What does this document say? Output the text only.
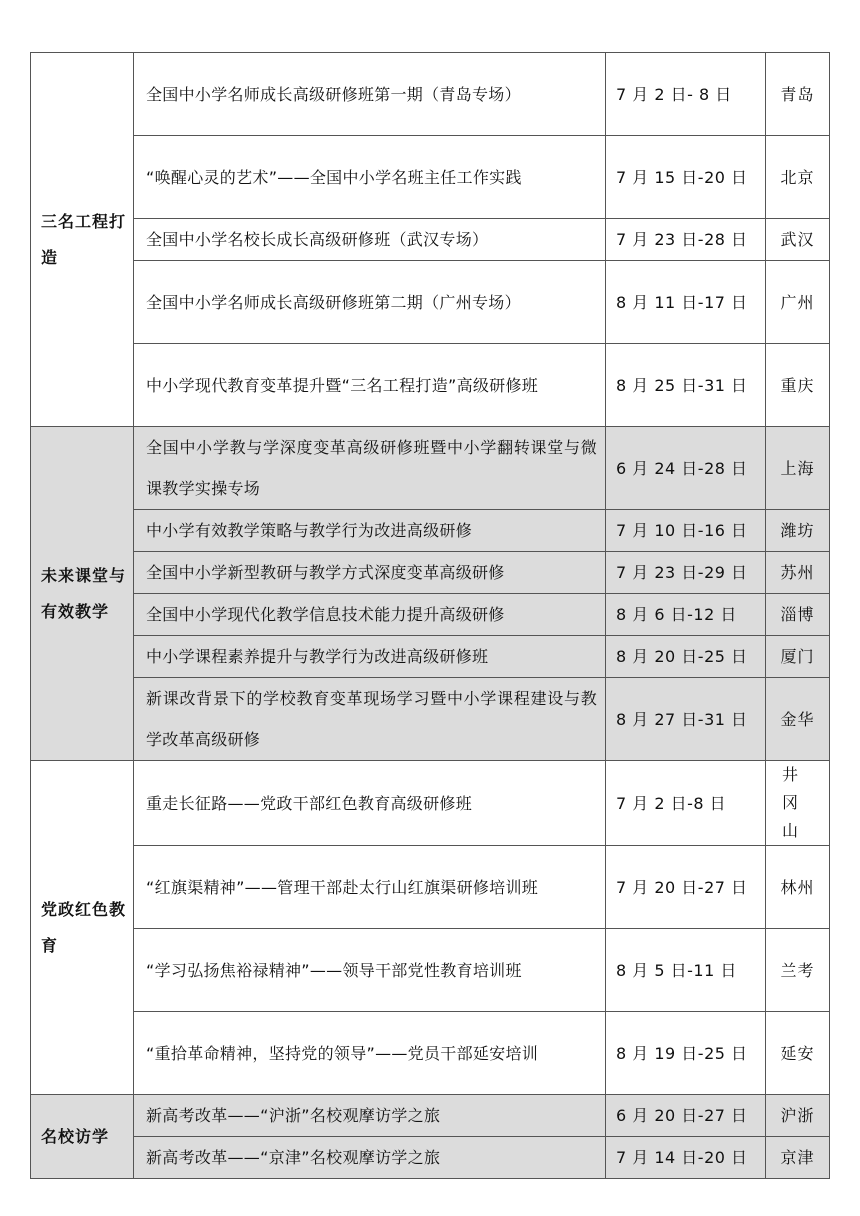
三名工程打造	全国中小学名师成长高级研修班第一期（青岛专场）	7 月 2 日- 8 日	青岛
	“唤醒心灵的艺术”——全国中小学名班主任工作实践	7 月 15 日-20 日	北京
	全国中小学名校长成长高级研修班（武汉专场）	7 月 23 日-28 日	武汉
	全国中小学名师成长高级研修班第二期（广州专场）	8 月 11 日-17 日	广州
	中小学现代教育变革提升暨“三名工程打造”高级研修班	8 月 25 日-31 日	重庆
未来课堂与有效教学	全国中小学教与学深度变革高级研修班暨中小学翻转课堂与微课教学实操专场	6 月 24 日-28 日	上海
	中小学有效教学策略与教学行为改进高级研修	7 月 10 日-16 日	潍坊
	全国中小学新型教研与教学方式深度变革高级研修	7 月 23 日-29 日	苏州
	全国中小学现代化教学信息技术能力提升高级研修	8 月 6 日-12 日	淄博
	中小学课程素养提升与教学行为改进高级研修班	8 月 20 日-25 日	厦门
	新课改背景下的学校教育变革现场学习暨中小学课程建设与教学改革高级研修	8 月 27 日-31 日	金华
党政红色教育	重走长征路——党政干部红色教育高级研修班	7 月 2 日-8 日	井冈山
	“红旗渠精神”——管理干部赴太行山红旗渠研修培训班	7 月 20 日-27 日	林州
	“学习弘扬焦裕禄精神”——领导干部党性教育培训班	8 月 5 日-11 日	兰考
	“重拾革命精神，坚持党的领导”——党员干部延安培训	8 月 19 日-25 日	延安
名校访学	新高考改革——“沪浙”名校观摩访学之旅	6 月 20 日-27 日	沪浙
	新高考改革——“京津”名校观摩访学之旅	7 月 14 日-20 日	京津
